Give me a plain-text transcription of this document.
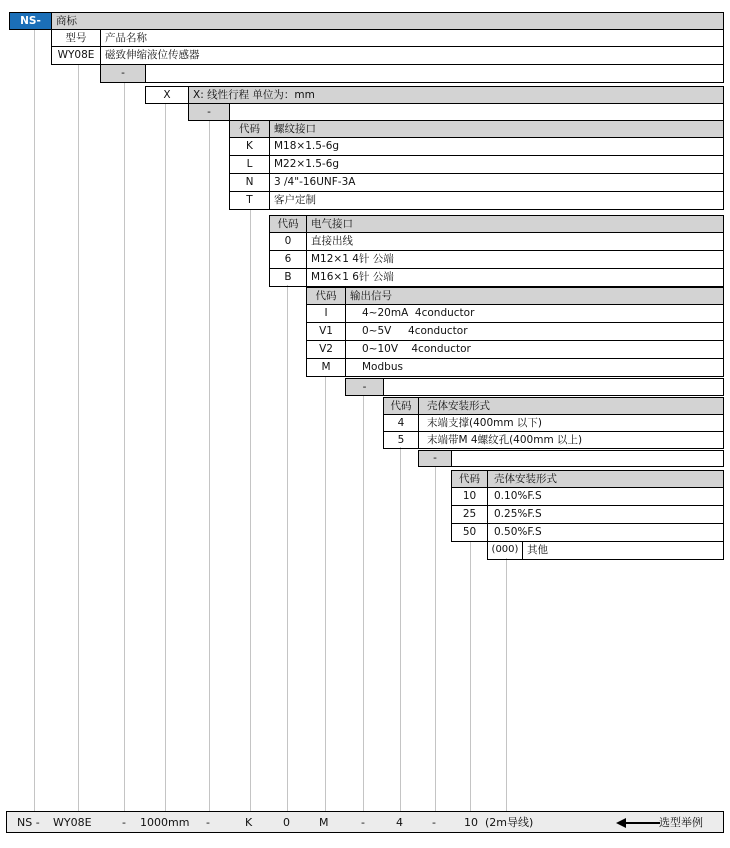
NS-	商标
型号	产品名称
WY08E	磁致伸缩液位传感器
-
X	X: 线性行程 单位为：mm
-
代码	螺纹接口
K	M18×1.5-6g
L	M22×1.5-6g
N	3 /4"-16UNF-3A
T	客户定制
代码	电气接口
0	直接出线
6	M12×1 4针 公端
B	M16×1 6针 公端
代码	输出信号
I	4~20mA  4conductor
V1	0~5V     4conductor
V2	0~10V    4conductor
M	Modbus
-
代码	壳体安装形式
4	末端支撑(400mm 以下)
5	末端带M 4螺纹孔(400mm 以上)
-
代码	壳体安装形式
10	0.10%F.S
25	0.25%F.S
50	0.50%F.S
(000) 其他
NS - WY08E	- 1000mm -	K	0	M	-	4	-	10 (2m导线)	选型举例
